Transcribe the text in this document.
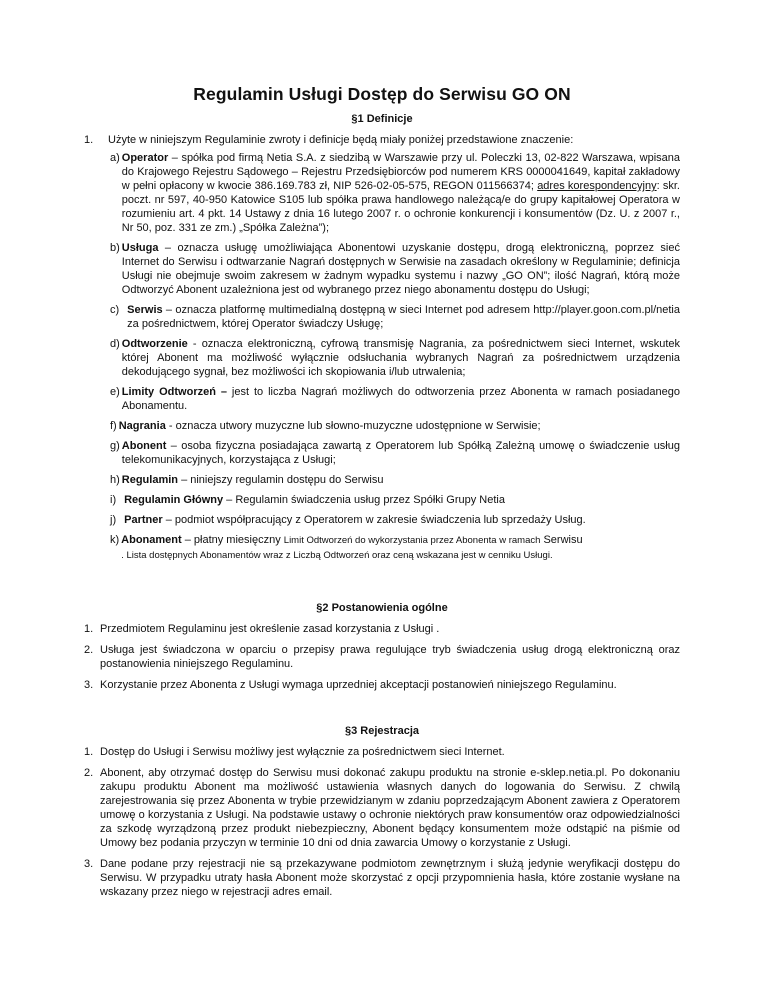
Regulamin Usługi Dostęp do Serwisu GO ON
§1 Definicje
1.	Użyte w niniejszym Regulaminie zwroty i definicje będą miały poniżej przedstawione znaczenie:
a) Operator – spółka pod firmą Netia S.A. z siedzibą w Warszawie przy ul. Poleczki 13, 02-822 Warszawa, wpisana do Krajowego Rejestru Sądowego – Rejestru Przedsiębiorców pod numerem KRS 0000041649, kapitał zakładowy w pełni opłacony w kwocie 386.169.783 zł, NIP 526-02-05-575, REGON 011566374; adres korespondencyjny: skr. poczt. nr 597, 40-950 Katowice S105 lub spółka prawa handlowego należącą/e do grupy kapitałowej Operatora w rozumieniu art. 4 pkt. 14 Ustawy z dnia 16 lutego 2007 r. o ochronie konkurencji i konsumentów (Dz. U. z 2007 r., Nr 50, poz. 331 ze zm.) „Spółka Zależna”);
b) Usługa – oznacza usługę umożliwiająca Abonentowi uzyskanie dostępu, drogą elektroniczną, poprzez sieć Internet do Serwisu i odtwarzanie Nagrań dostępnych w Serwisie na zasadach określony w Regulaminie; definicja Usługi nie obejmuje swoim zakresem w żadnym wypadku systemu i nazwy „GO ON”; ilość Nagrań, którą może Odtworzyć Abonent uzależniona jest od wybranego przez niego abonamentu dostępu do Usługi;
c) Serwis – oznacza platformę multimedialną dostępną w sieci Internet pod adresem http://player.goon.com.pl/netia za pośrednictwem, której Operator świadczy Usługę;
d) Odtworzenie - oznacza elektroniczną, cyfrową transmisję Nagrania, za pośrednictwem sieci Internet, wskutek której Abonent ma możliwość wyłącznie odsłuchania wybranych Nagrań za pośrednictwem urządzenia dekodującego sygnał, bez możliwości ich skopiowania i/lub utrwalenia;
e) Limity Odtworzeń – jest to liczba Nagrań możliwych do odtworzenia przez Abonenta w ramach posiadanego Abonamentu.
f) Nagrania - oznacza utwory muzyczne lub słowno-muzyczne udostępnione w Serwisie;
g) Abonent – osoba fizyczna posiadająca zawartą z Operatorem lub Spółką Zależną umowę o świadczenie usług telekomunikacyjnych, korzystająca z Usługi;
h) Regulamin – niniejszy regulamin dostępu do Serwisu
i) Regulamin Główny – Regulamin świadczenia usług przez Spółki Grupy Netia
j) Partner – podmiot współpracujący z Operatorem w zakresie świadczenia lub sprzedaży Usług.
k) Abonament – płatny miesięczny Limit Odtworzeń do wykorzystania przez Abonenta w ramach Serwisu
. Lista dostępnych Abonamentów wraz z Liczbą Odtworzeń oraz ceną wskazana jest w cenniku Usługi.
§2 Postanowienia ogólne
1. Przedmiotem Regulaminu jest określenie zasad korzystania z Usługi .
2. Usługa jest świadczona w oparciu o przepisy prawa regulujące tryb świadczenia usług drogą elektroniczną oraz postanowienia niniejszego Regulaminu.
3. Korzystanie przez Abonenta z Usługi wymaga uprzedniej akceptacji postanowień niniejszego Regulaminu.
§3 Rejestracja
1. Dostęp do Usługi i Serwisu możliwy jest wyłącznie za pośrednictwem sieci Internet.
2. Abonent, aby otrzymać dostęp do Serwisu musi dokonać zakupu produktu na stronie e-sklep.netia.pl. Po dokonaniu zakupu produktu Abonent ma możliwość ustawienia własnych danych do logowania do Serwisu. Z chwilą zarejestrowania się przez Abonenta w trybie przewidzianym w zdaniu poprzedzającym Abonent zawiera z Operatorem umowę o korzystania z Usługi. Na podstawie ustawy o ochronie niektórych praw konsumentów oraz odpowiedzialności za szkodę wyrządzoną przez produkt niebezpieczny, Abonent będący konsumentem może odstąpić na piśmie od Umowy bez podania przyczyn w terminie 10 dni od dnia zawarcia Umowy o korzystanie z Usługi.
3. Dane podane przy rejestracji nie są przekazywane podmiotom zewnętrznym i służą jedynie weryfikacji dostępu do Serwisu. W przypadku utraty hasła Abonent może skorzystać z opcji przypomnienia hasła, które zostanie wysłane na wskazany przez niego w rejestracji adres email.
